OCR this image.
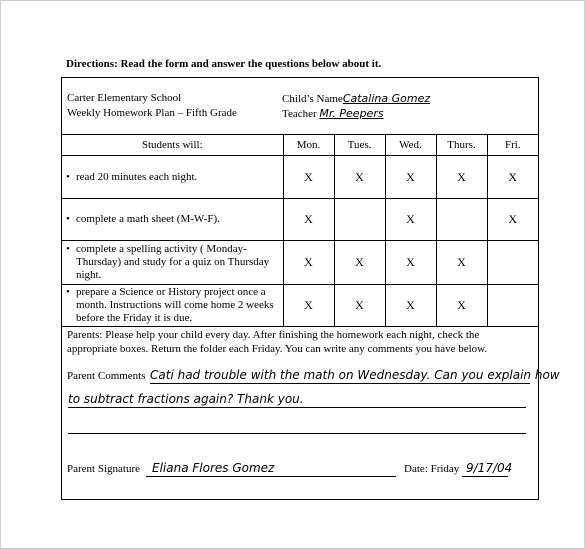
Directions: Read the form and answer the questions below about it.
Carter Elementary School
Weekly Homework Plan – Fifth Grade
Child’s NameCatalina Gomez
Teacher Mr. Peepers
Students will:	Mon.	Tues.	Wed.	Thurs.	Fri.

• read 20 minutes each night.	X	X	X	X	X

• complete a math sheet (M-W-F).	X		X		X

• complete a spelling activity ( Monday-Thursday) and study for a quiz on Thursday night.	X	X	X	X	

• prepare a Science or History project once a month. Instructions will come home 2 weeks before the Friday it is due.	X	X	X	X	
Parents: Please help your child every day. After finishing the homework each night, check the
appropriate boxes. Return the folder each Friday. You can write any comments you have below.
Parent Comments Cati had trouble with the math on Wednesday. Can you explain how
to subtract fractions again? Thank you.
Parent Signature Eliana Flores Gomez	Date: Friday 9/17/04
